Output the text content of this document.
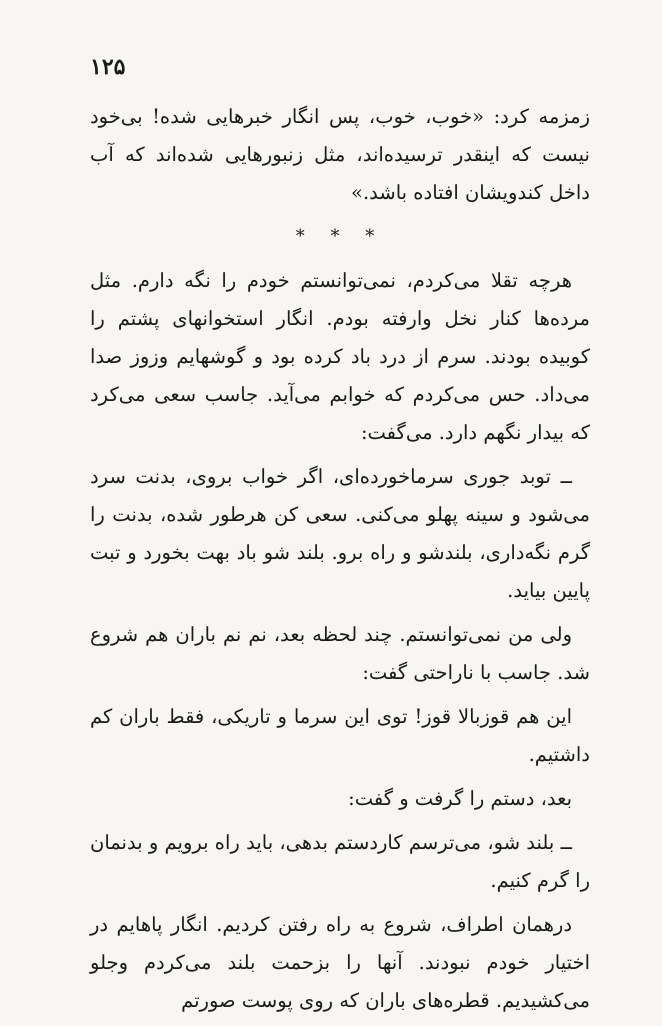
۱۲۵

زمزمه کرد: «خوب، خوب، پس انگار خبرهایی شده! بی‌خود نیست که اینقدر ترسیده‌اند، مثل زنبورهایی شده‌اند که آب داخل کندویشان افتاده باشد.»

* * *

هرچه تقلا می‌کردم، نمی‌توانستم خودم را نگه دارم. مثل مرده‌ها کنار نخل وارفته بودم. انگار استخوانهای پشتم را کوبیده بودند. سرم از درد باد کرده بود و گوشهایم وزوز صدا می‌داد. حس می‌کردم که خوابم می‌آید. جاسب سعی می‌کرد که بیدار نگهم دارد. می‌گفت:

ــ توبد جوری سرماخورده‌ای، اگر خواب بروی، بدنت سرد می‌شود و سینه پهلو می‌کنی. سعی کن هرطور شده، بدنت را گرم نگه‌داری، بلندشو و راه برو. بلند شو باد بهت بخورد و تبت پایین بیاید.

ولی من نمی‌توانستم. چند لحظه بعد، نم نم باران هم شروع شد. جاسب با ناراحتی گفت:

این هم قوزبالا قوز! توی این سرما و تاریکی، فقط باران کم داشتیم.

بعد، دستم را گرفت و گفت:

ــ بلند شو، می‌ترسم کاردستم بدهی، باید راه برویم و بدنمان را گرم کنیم.

درهمان اطراف، شروع به راه رفتن کردیم. انگار پاهایم در اختیار خودم نبودند. آنها را بزحمت بلند می‌کردم وجلو می‌کشیدیم. قطره‌های باران که روی پوست صورتم
